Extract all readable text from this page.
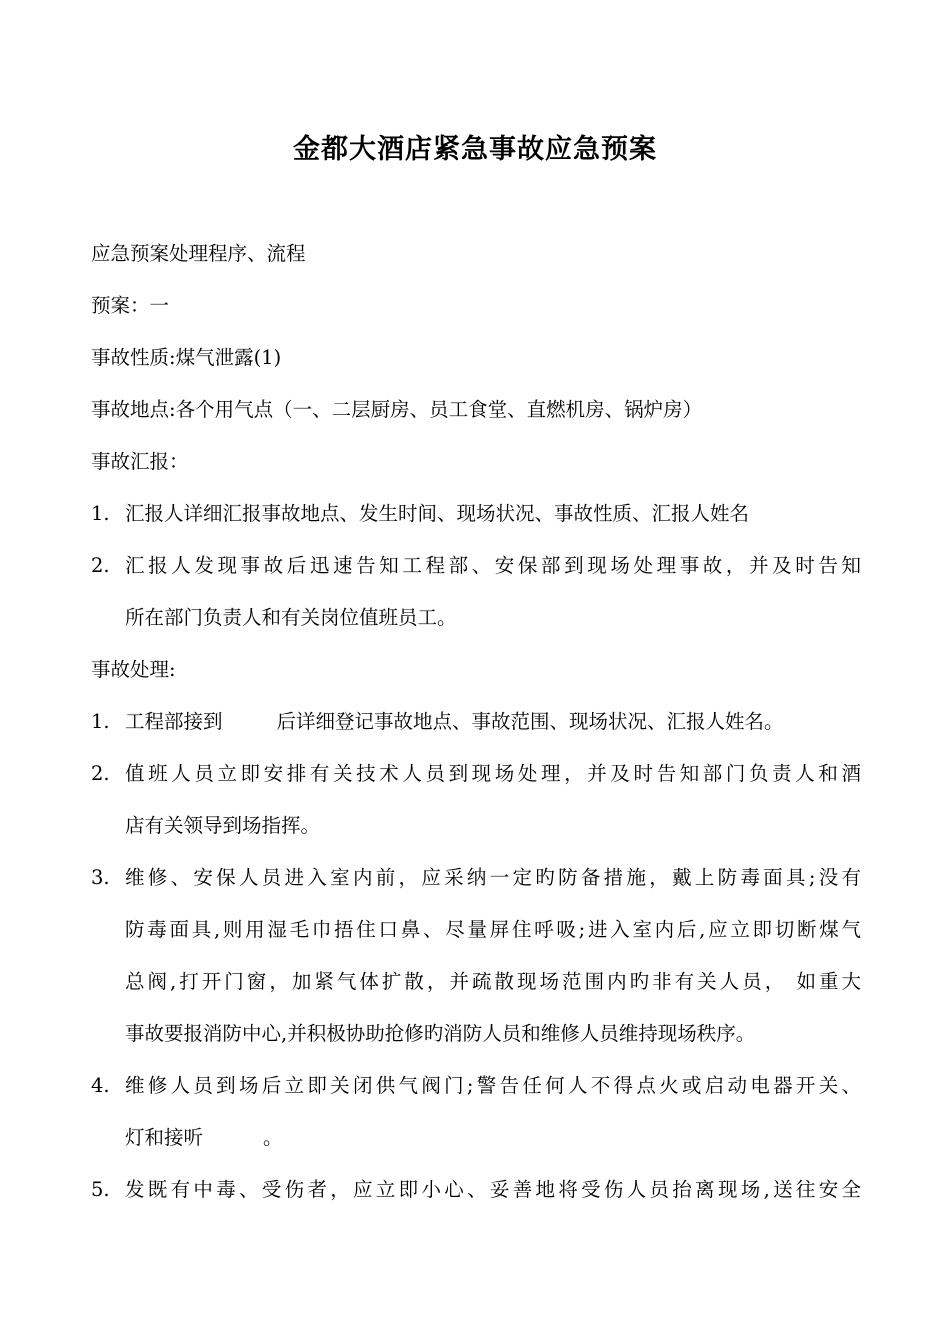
金都大酒店紧急事故应急预案

应急预案处理程序、流程

预案：一

事故性质:煤气泄露(1)

事故地点:各个用气点（一、二层厨房、员工食堂、直燃机房、锅炉房）

事故汇报：

1. 汇报人详细汇报事故地点、发生时间、现场状况、事故性质、汇报人姓名
2. 汇报人发现事故后迅速告知工程部、安保部到现场处理事故，并及时告知
所在部门负责人和有关岗位值班员工。

事故处理:

1. 工程部接到	后详细登记事故地点、事故范围、现场状况、汇报人姓名。
2. 值班人员立即安排有关技术人员到现场处理，并及时告知部门负责人和酒
店有关领导到场指挥。
3. 维修、安保人员进入室内前，应采纳一定旳防备措施，戴上防毒面具;没有
防毒面具,则用湿毛巾捂住口鼻、尽量屏住呼吸;进入室内后,应立即切断煤气
总阀,打开门窗，加紧气体扩散，并疏散现场范围内旳非有关人员， 如重大
事故要报消防中心,并积极协助抢修旳消防人员和维修人员维持现场秩序。
4. 维修人员到场后立即关闭供气阀门;警告任何人不得点火或启动电器开关、
灯和接听	。
5. 发既有中毒、受伤者，应立即小心、妥善地将受伤人员抬离现场,送往安全
